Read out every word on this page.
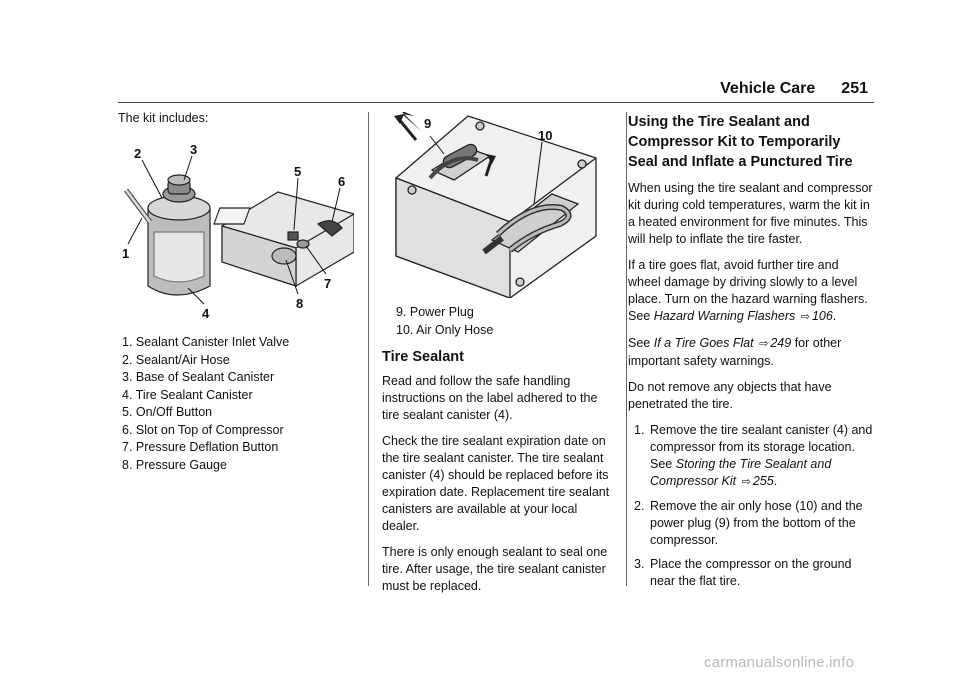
Vehicle Care 251

The kit includes:

1
2	3
4
5
6
7
8
1. Sealant Canister Inlet Valve
2. Sealant/Air Hose
3. Base of Sealant Canister
4. Tire Sealant Canister
5. On/Off Button
6. Slot on Top of Compressor
7. Pressure Deflation Button
8. Pressure Gauge
9
10
9. Power Plug
10. Air Only Hose
Tire Sealant

Read and follow the safe handling instructions on the label adhered to the tire sealant canister (4).

Check the tire sealant expiration date on the tire sealant canister. The tire sealant canister (4) should be replaced before its expiration date. Replacement tire sealant canisters are available at your local dealer.

There is only enough sealant to seal one tire. After usage, the tire sealant canister must be replaced.

Using the Tire Sealant and Compressor Kit to Temporarily Seal and Inflate a Punctured Tire

When using the tire sealant and compressor kit during cold temperatures, warm the kit in a heated environment for five minutes. This will help to inflate the tire faster.

If a tire goes flat, avoid further tire and wheel damage by driving slowly to a level place. Turn on the hazard warning flashers. See Hazard Warning Flashers ⇨ 106.

See If a Tire Goes Flat ⇨ 249 for other important safety warnings.

Do not remove any objects that have penetrated the tire.

1. Remove the tire sealant canister (4) and compressor from its storage location. See Storing the Tire Sealant and Compressor Kit ⇨ 255.
2. Remove the air only hose (10) and the power plug (9) from the bottom of the compressor.
3. Place the compressor on the ground near the flat tire.
carmanualsonline.info
